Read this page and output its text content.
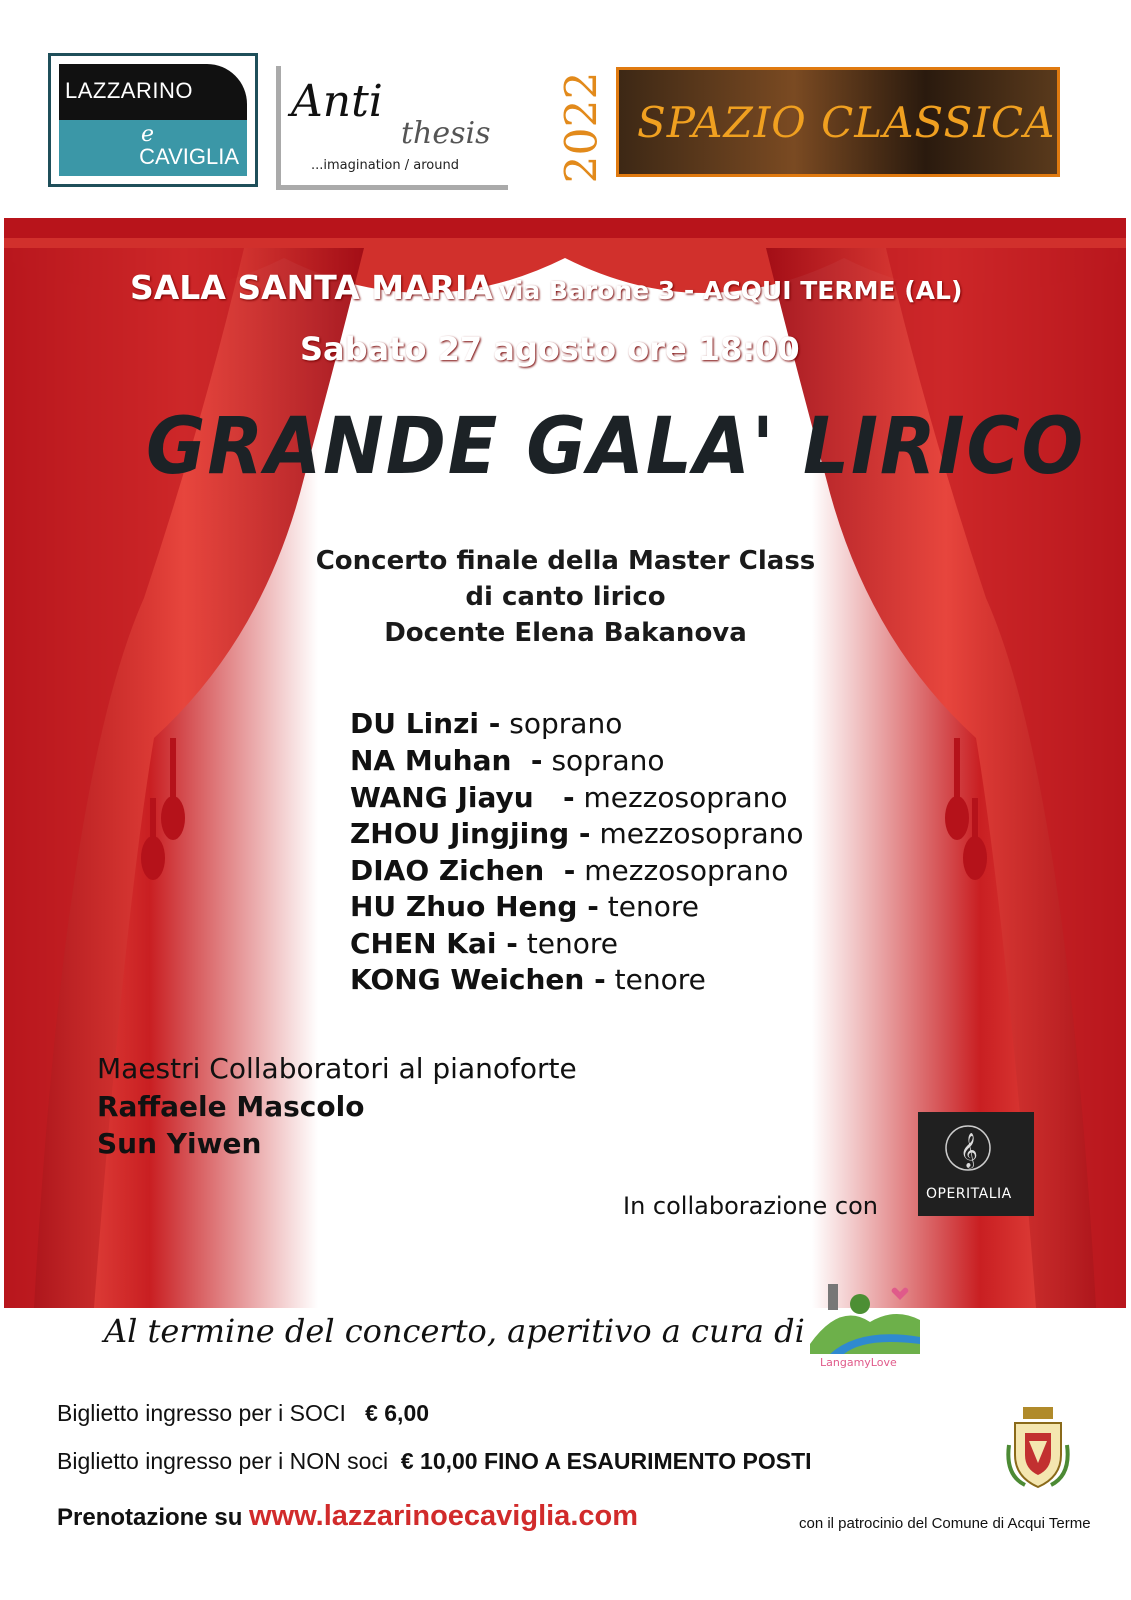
LAZZARINO
e
CAVIGLIA
Anti
thesis
...imagination / around 2022 SPAZIO CLASSICA
SALA SANTA MARIA via Barone 3 - ACQUI TERME (AL)
Sabato 27 agosto ore 18:00
GRANDE GALA' LIRICO
Concerto finale della Master Class
di canto lirico
Docente Elena Bakanova
DU Linzi - soprano
NA Muhan  - soprano
WANG Jiayu   - mezzosoprano
ZHOU Jingjing - mezzosoprano
DIAO Zichen  - mezzosoprano
HU Zhuo Heng - tenore
CHEN Kai - tenore
KONG Weichen - tenore
Maestri Collaboratori al pianoforte
Raffaele Mascolo
Sun Yiwen
In collaborazione con
𝄞
OPERITALIA
Al termine del concerto, aperitivo a cura di
LangamyLove
Biglietto ingresso per i SOCI € 6,00
Biglietto ingresso per i NON soci € 10,00 FINO A ESAURIMENTO POSTI
Prenotazione su www.lazzarinoecaviglia.com	con il patrocinio del Comune di Acqui Terme
